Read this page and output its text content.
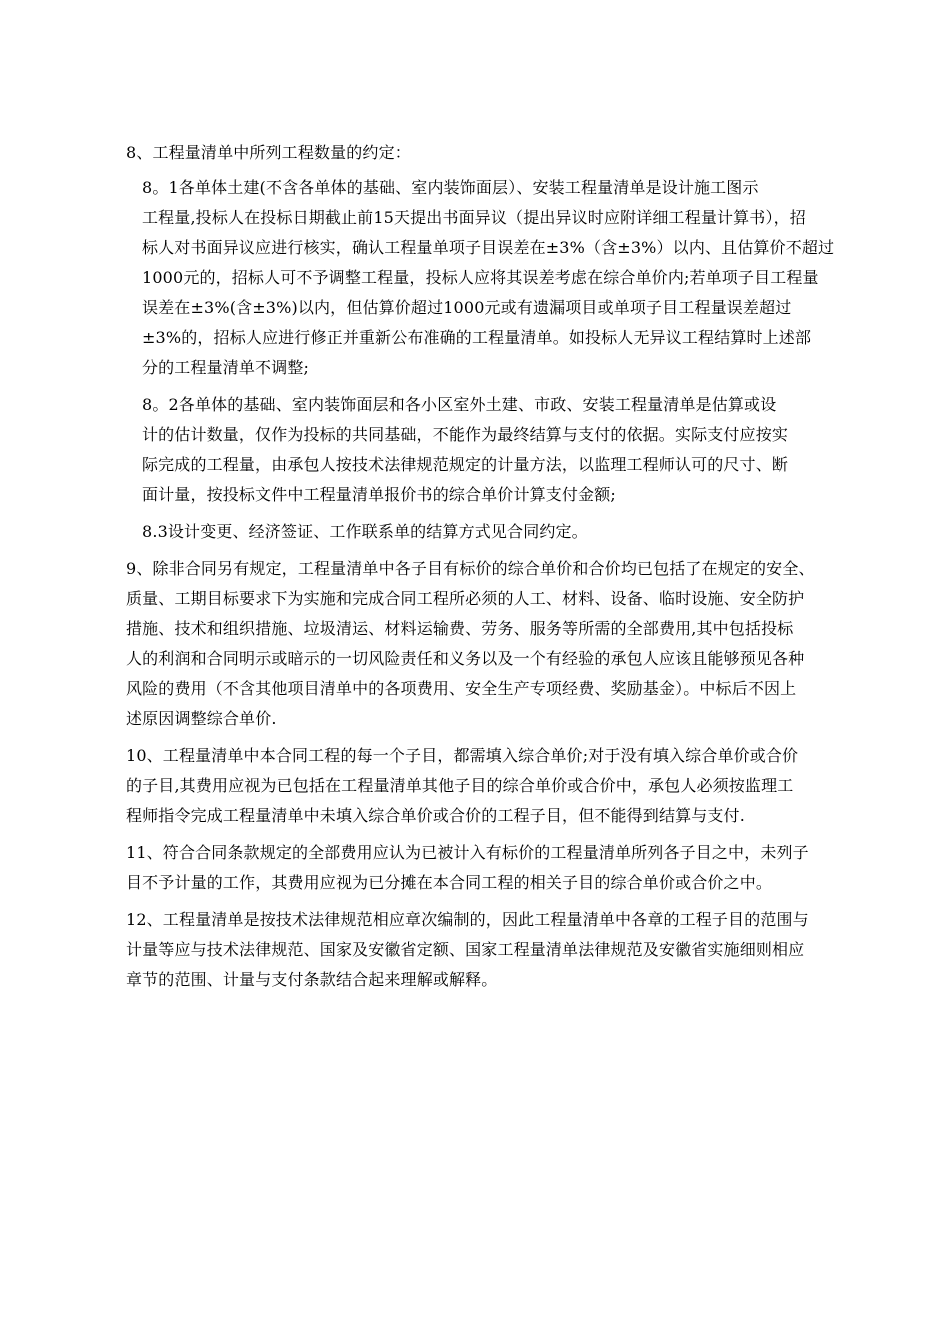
8、工程量清单中所列工程数量的约定：
8。1各单体土建(不含各单体的基础、室内装饰面层）、安装工程量清单是设计施工图示
工程量,投标人在投标日期截止前15天提出书面异议（提出异议时应附详细工程量计算书），招
标人对书面异议应进行核实，确认工程量单项子目误差在±3%（含±3%）以内、且估算价不超过
1000元的，招标人可不予调整工程量，投标人应将其误差考虑在综合单价内;若单项子目工程量
误差在±3%(含±3%)以内，但估算价超过1000元或有遗漏项目或单项子目工程量误差超过
±3%的，招标人应进行修正并重新公布准确的工程量清单。如投标人无异议工程结算时上述部
分的工程量清单不调整;
8。2各单体的基础、室内装饰面层和各小区室外土建、市政、安装工程量清单是估算或设
计的估计数量，仅作为投标的共同基础，不能作为最终结算与支付的依据。实际支付应按实
际完成的工程量，由承包人按技术法律规范规定的计量方法，以监理工程师认可的尺寸、断
面计量，按投标文件中工程量清单报价书的综合单价计算支付金额;
8.3设计变更、经济签证、工作联系单的结算方式见合同约定。
9、除非合同另有规定，工程量清单中各子目有标价的综合单价和合价均已包括了在规定的安全、
质量、工期目标要求下为实施和完成合同工程所必须的人工、材料、设备、临时设施、安全防护
措施、技术和组织措施、垃圾清运、材料运输费、劳务、服务等所需的全部费用,其中包括投标
人的利润和合同明示或暗示的一切风险责任和义务以及一个有经验的承包人应该且能够预见各种
风险的费用（不含其他项目清单中的各项费用、安全生产专项经费、奖励基金）。中标后不因上
述原因调整综合单价.
10、工程量清单中本合同工程的每一个子目，都需填入综合单价;对于没有填入综合单价或合价
的子目,其费用应视为已包括在工程量清单其他子目的综合单价或合价中，承包人必须按监理工
程师指令完成工程量清单中未填入综合单价或合价的工程子目，但不能得到结算与支付.
11、符合合同条款规定的全部费用应认为已被计入有标价的工程量清单所列各子目之中，未列子
目不予计量的工作，其费用应视为已分摊在本合同工程的相关子目的综合单价或合价之中。
12、工程量清单是按技术法律规范相应章次编制的，因此工程量清单中各章的工程子目的范围与
计量等应与技术法律规范、国家及安徽省定额、国家工程量清单法律规范及安徽省实施细则相应
章节的范围、计量与支付条款结合起来理解或解释。
